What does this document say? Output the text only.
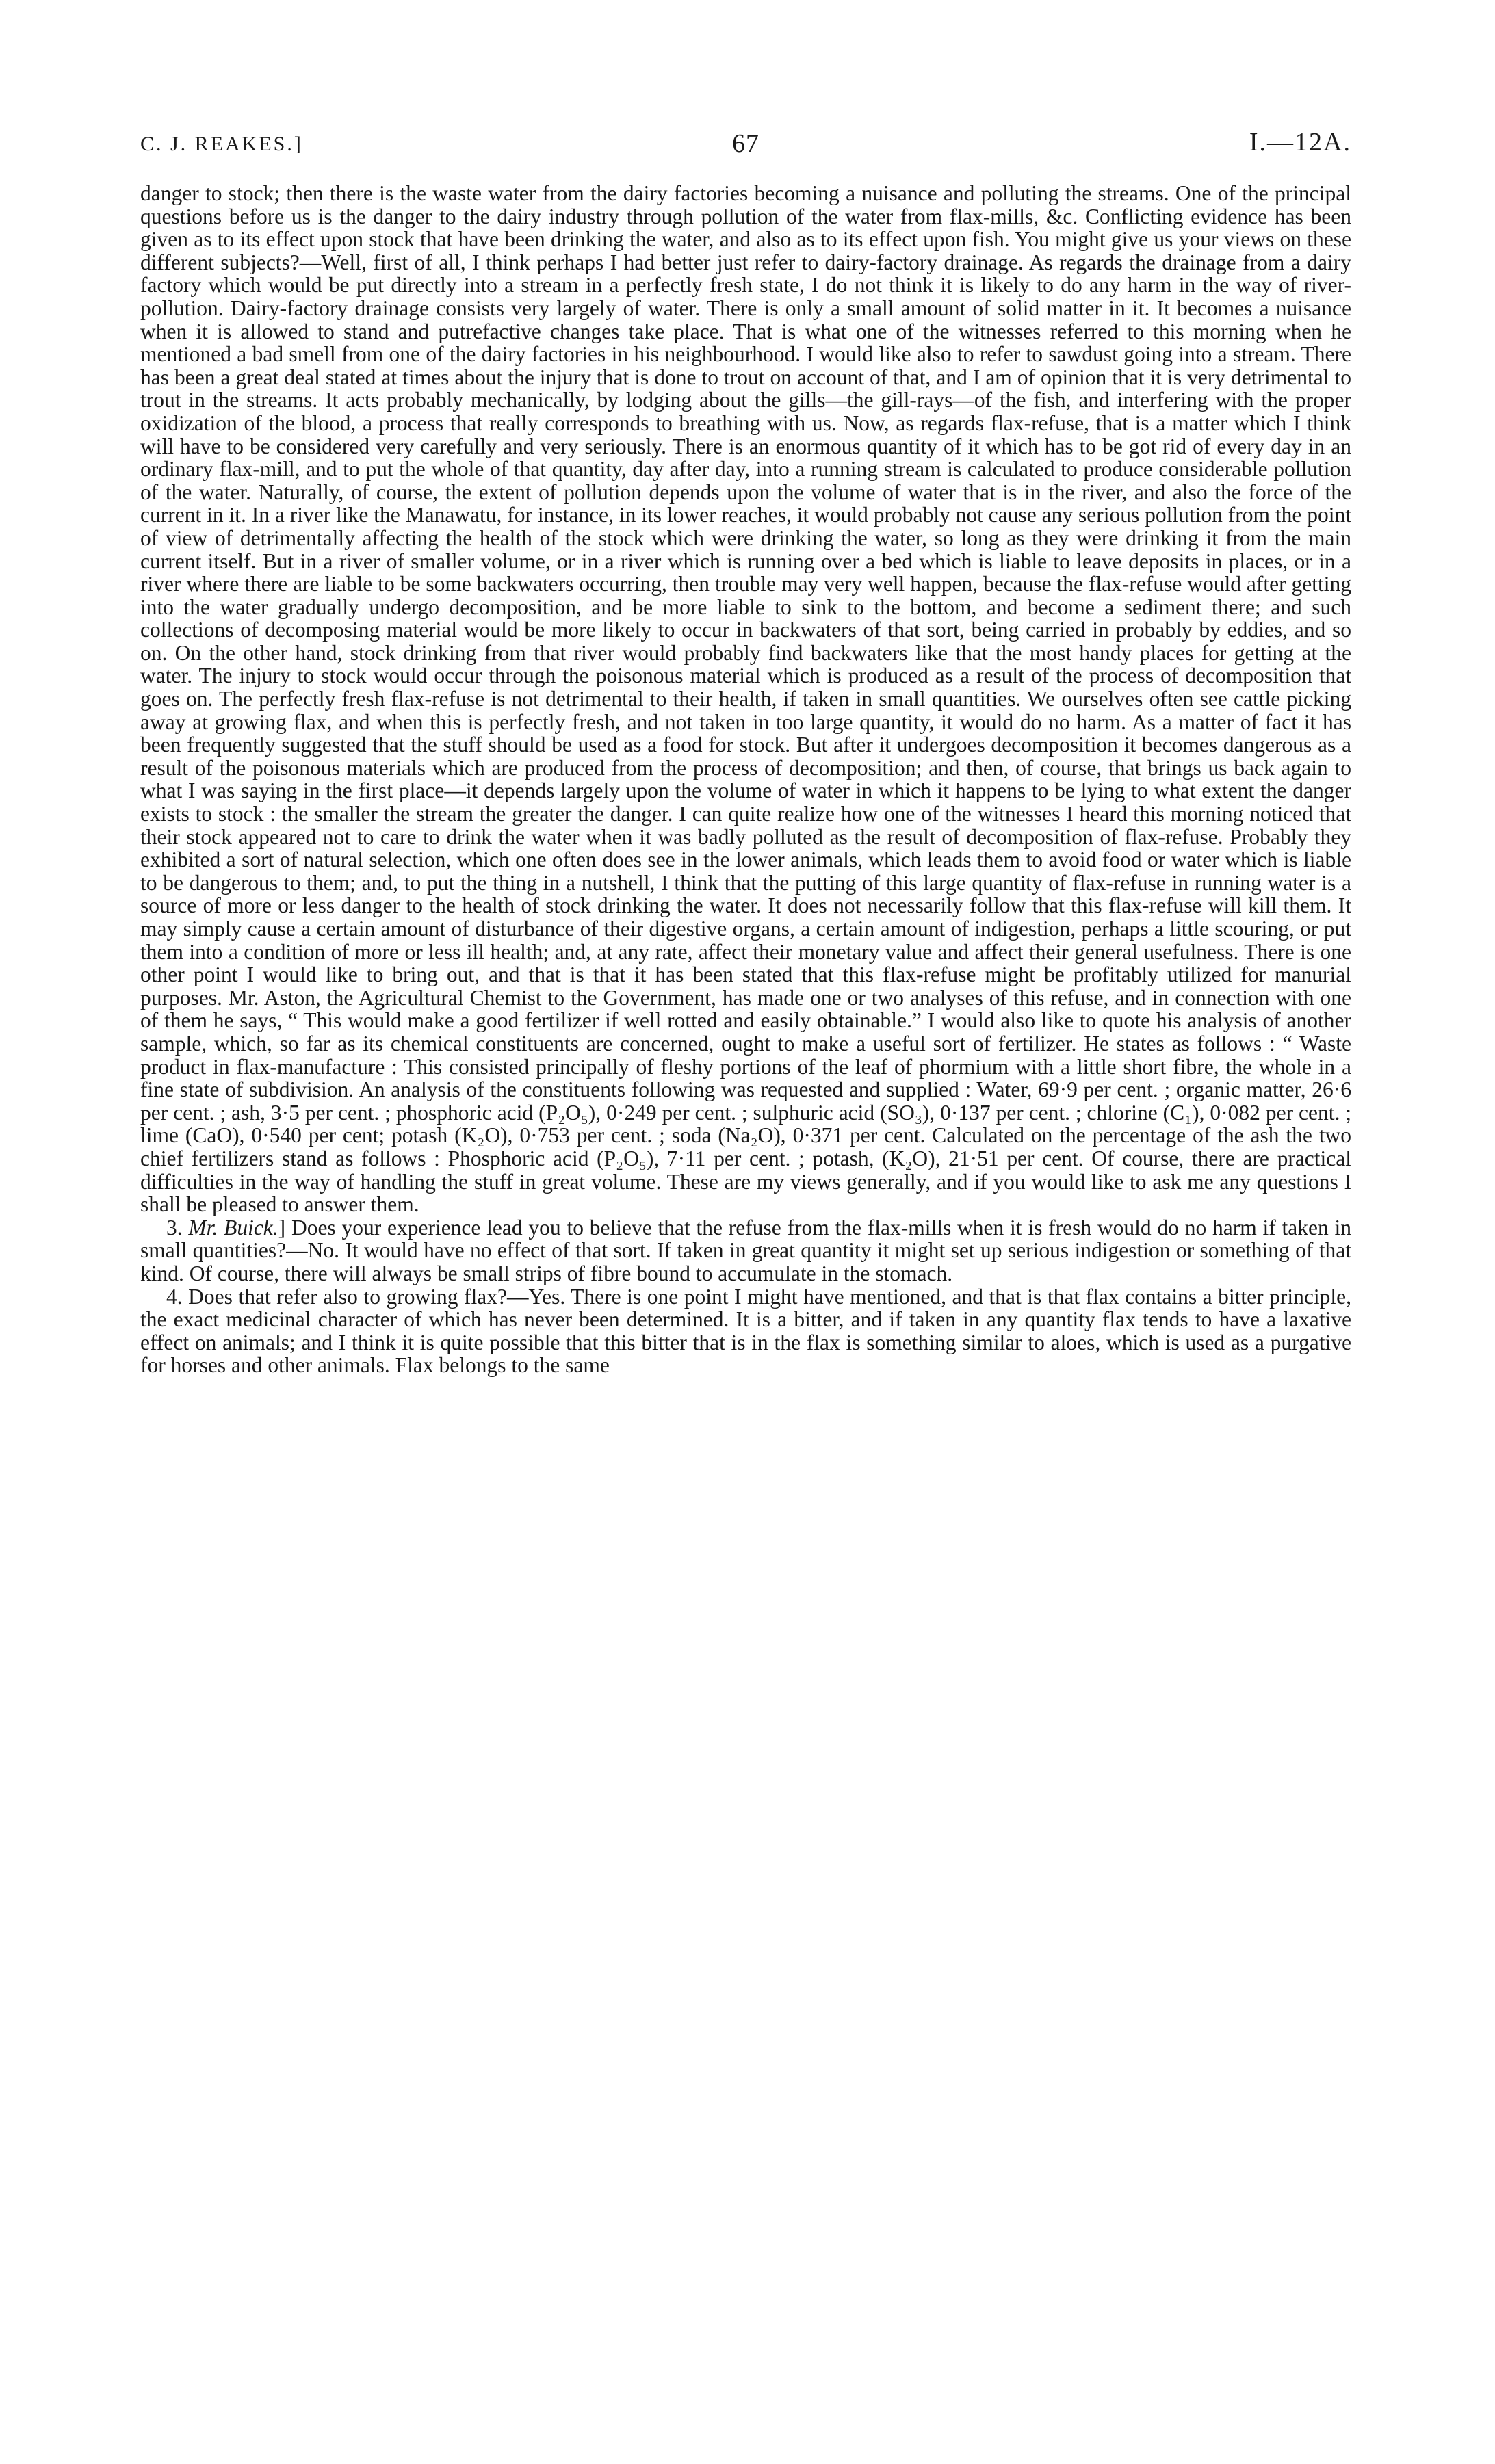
C. J. REAKES.]	67	I.—12A.

danger to stock; then there is the waste water from the dairy factories becoming a nuisance and polluting the streams. One of the principal questions before us is the danger to the dairy industry through pollution of the water from flax-mills, &c. Conflicting evidence has been given as to its effect upon stock that have been drinking the water, and also as to its effect upon fish. You might give us your views on these different subjects?—Well, first of all, I think perhaps I had better just refer to dairy-factory drainage. As regards the drainage from a dairy factory which would be put directly into a stream in a perfectly fresh state, I do not think it is likely to do any harm in the way of river-pollution. Dairy-factory drainage consists very largely of water. There is only a small amount of solid matter in it. It becomes a nuisance when it is allowed to stand and putrefactive changes take place. That is what one of the witnesses referred to this morning when he mentioned a bad smell from one of the dairy factories in his neighbourhood. I would like also to refer to sawdust going into a stream. There has been a great deal stated at times about the injury that is done to trout on account of that, and I am of opinion that it is very detrimental to trout in the streams. It acts probably mechanically, by lodging about the gills—the gill-rays—of the fish, and interfering with the proper oxidization of the blood, a process that really corresponds to breathing with us. Now, as regards flax-refuse, that is a matter which I think will have to be considered very carefully and very seriously. There is an enormous quantity of it which has to be got rid of every day in an ordinary flax-mill, and to put the whole of that quantity, day after day, into a running stream is calculated to produce considerable pollution of the water. Naturally, of course, the extent of pollution depends upon the volume of water that is in the river, and also the force of the current in it. In a river like the Manawatu, for instance, in its lower reaches, it would probably not cause any serious pollution from the point of view of detrimentally affecting the health of the stock which were drinking the water, so long as they were drinking it from the main current itself. But in a river of smaller volume, or in a river which is running over a bed which is liable to leave deposits in places, or in a river where there are liable to be some backwaters occurring, then trouble may very well happen, because the flax-refuse would after getting into the water gradually undergo decomposition, and be more liable to sink to the bottom, and become a sediment there; and such collections of decomposing material would be more likely to occur in backwaters of that sort, being carried in probably by eddies, and so on. On the other hand, stock drinking from that river would probably find backwaters like that the most handy places for getting at the water. The injury to stock would occur through the poisonous material which is produced as a result of the process of decomposition that goes on. The perfectly fresh flax-refuse is not detrimental to their health, if taken in small quantities. We ourselves often see cattle picking away at growing flax, and when this is perfectly fresh, and not taken in too large quantity, it would do no harm. As a matter of fact it has been frequently suggested that the stuff should be used as a food for stock. But after it undergoes decomposition it becomes dangerous as a result of the poisonous materials which are produced from the process of decomposition; and then, of course, that brings us back again to what I was saying in the first place—it depends largely upon the volume of water in which it happens to be lying to what extent the danger exists to stock : the smaller the stream the greater the danger. I can quite realize how one of the witnesses I heard this morning noticed that their stock appeared not to care to drink the water when it was badly polluted as the result of decomposition of flax-refuse. Probably they exhibited a sort of natural selection, which one often does see in the lower animals, which leads them to avoid food or water which is liable to be dangerous to them; and, to put the thing in a nutshell, I think that the putting of this large quantity of flax-refuse in running water is a source of more or less danger to the health of stock drinking the water. It does not necessarily follow that this flax-refuse will kill them. It may simply cause a certain amount of disturbance of their digestive organs, a certain amount of indigestion, perhaps a little scouring, or put them into a condition of more or less ill health; and, at any rate, affect their monetary value and affect their general usefulness. There is one other point I would like to bring out, and that is that it has been stated that this flax-refuse might be profitably utilized for manurial purposes. Mr. Aston, the Agricultural Chemist to the Government, has made one or two analyses of this refuse, and in connection with one of them he says, “ This would make a good fertilizer if well rotted and easily obtainable.” I would also like to quote his analysis of another sample, which, so far as its chemical constituents are concerned, ought to make a useful sort of fertilizer. He states as follows : “ Waste product in flax-manufacture : This consisted principally of fleshy portions of the leaf of phormium with a little short fibre, the whole in a fine state of subdivision. An analysis of the constituents following was requested and supplied : Water, 69·9 per cent. ; organic matter, 26·6 per cent. ; ash, 3·5 per cent. ; phosphoric acid (P₂O₅), 0·249 per cent. ; sulphuric acid (SO₃), 0·137 per cent. ; chlorine (C₁), 0·082 per cent. ; lime (CaO), 0·540 per cent; potash (K₂O), 0·753 per cent. ; soda (Na₂O), 0·371 per cent. Calculated on the percentage of the ash the two chief fertilizers stand as follows : Phosphoric acid (P₂O₅), 7·11 per cent. ; potash, (K₂O), 21·51 per cent. Of course, there are practical difficulties in the way of handling the stuff in great volume. These are my views generally, and if you would like to ask me any questions I shall be pleased to answer them.

3. Mr. Buick.] Does your experience lead you to believe that the refuse from the flax-mills when it is fresh would do no harm if taken in small quantities?—No. It would have no effect of that sort. If taken in great quantity it might set up serious indigestion or something of that kind. Of course, there will always be small strips of fibre bound to accumulate in the stomach.

4. Does that refer also to growing flax?—Yes. There is one point I might have mentioned, and that is that flax contains a bitter principle, the exact medicinal character of which has never been determined. It is a bitter, and if taken in any quantity flax tends to have a laxative effect on animals; and I think it is quite possible that this bitter that is in the flax is something similar to aloes, which is used as a purgative for horses and other animals. Flax belongs to the same
